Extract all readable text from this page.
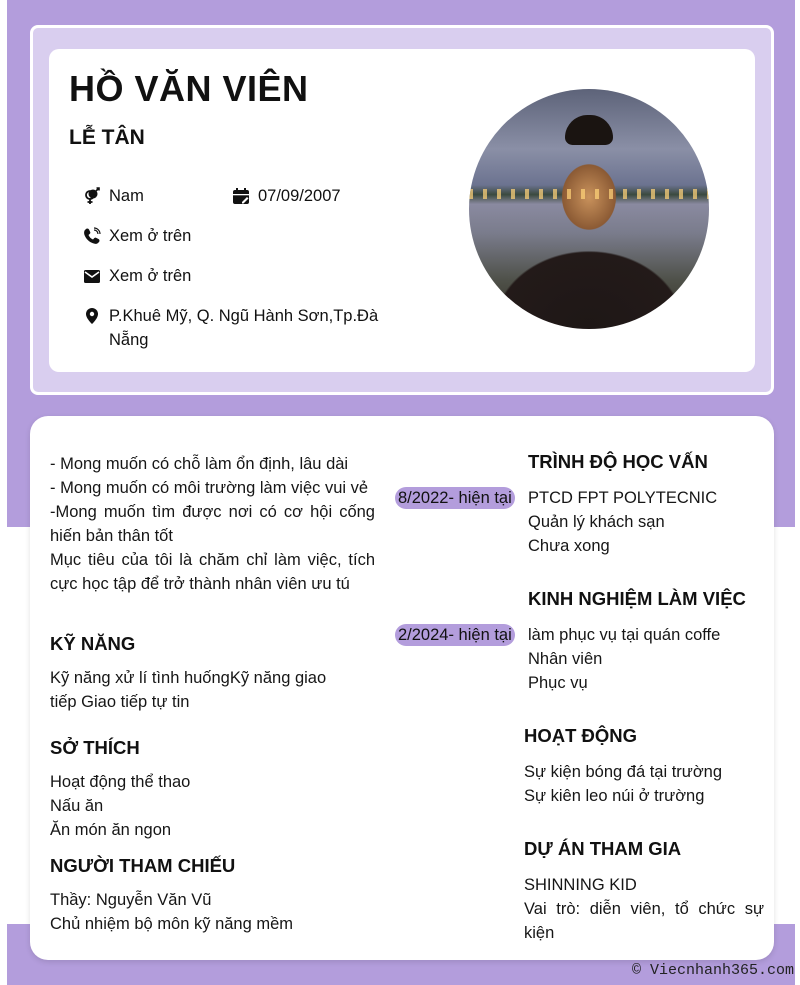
HỒ VĂN VIÊN
LỄ TÂN
Nam	07/09/2007
Xem ở trên
Xem ở trên
P.Khuê Mỹ, Q. Ngũ Hành Sơn,Tp.Đà Nẵng
- Mong muốn có chỗ làm ổn định, lâu dài
- Mong muốn có môi trường làm việc vui vẻ
-Mong muốn tìm được nơi có cơ hội cống hiến bản thân tốt
Mục tiêu của tôi là chăm chỉ làm việc, tích cực học tập để trở thành nhân viên ưu tú
KỸ NĂNG
Kỹ năng xử lí tình huốngKỹ năng giao tiếp Giao tiếp tự tin
SỞ THÍCH
Hoạt động thể thao
Nấu ăn
Ăn món ăn ngon
NGƯỜI THAM CHIẾU
Thầy: Nguyễn Văn Vũ
Chủ nhiệm bộ môn kỹ năng mềm
TRÌNH ĐỘ HỌC VẤN
8/2022- hiện tại PTCD FPT POLYTECNIC
Quản lý khách sạn
Chưa xong
KINH NGHIỆM LÀM VIỆC
2/2024- hiện tại làm phục vụ tại quán coffe
Nhân viên
Phục vụ
HOẠT ĐỘNG
Sự kiện bóng đá tại trường
Sự kiên leo núi ở trường
DỰ ÁN THAM GIA
SHINNING KID
Vai trò: diễn viên, tổ chức sự kiện
© Viecnhanh365.com
